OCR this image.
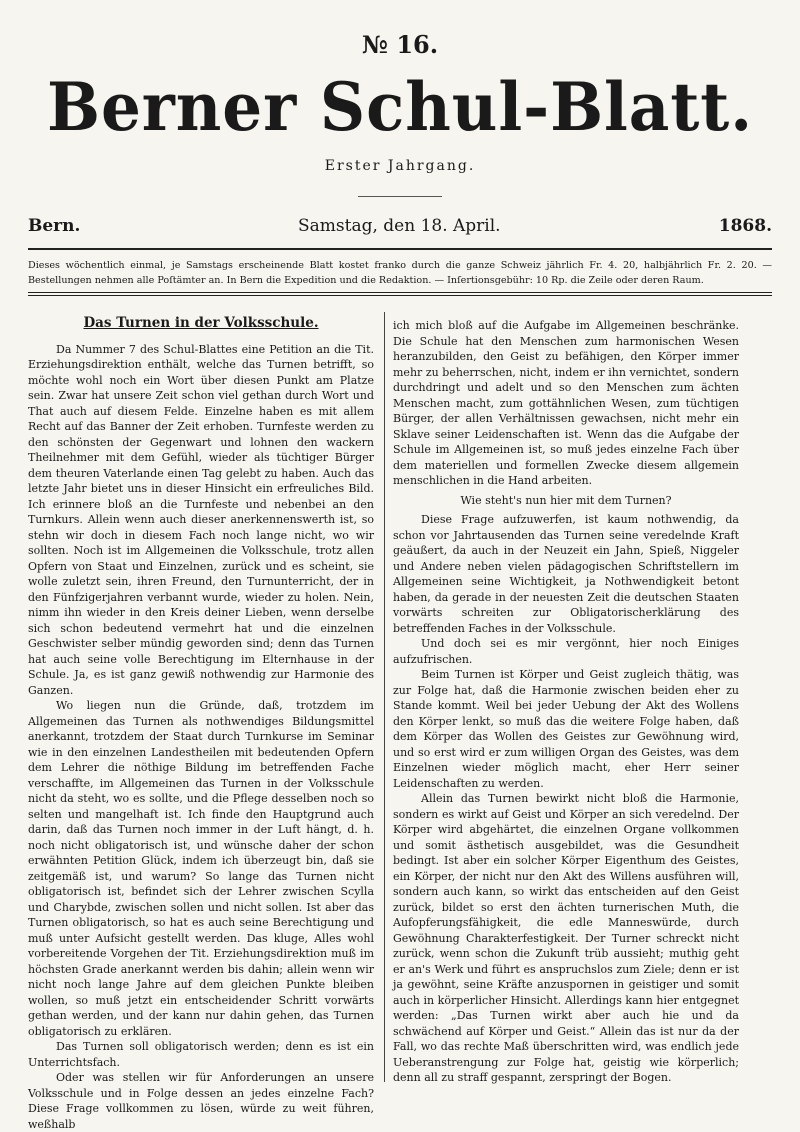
№ 16.
Berner Schul-Blatt.
Erster Jahrgang.
Bern.	Samstag, den 18. April.	1868.
Dieses wöchentlich einmal, je Samstags erscheinende Blatt kostet franko durch die ganze Schweiz jährlich Fr. 4. 20, halbjährlich Fr. 2. 20. — Bestellungen nehmen alle Poſtämter an. In Bern die Expedition und die Redaktion. — Inſertionsgebühr: 10 Rp. die Zeile oder deren Raum.
Das Turnen in der Volksschule.

Da Nummer 7 des Schul-Blattes eine Petition an die Tit. Erziehungsdirektion enthält, welche das Turnen betrifft, so möchte wohl noch ein Wort über diesen Punkt am Platze sein. Zwar hat unsere Zeit schon viel gethan durch Wort und That auch auf diesem Felde. Einzelne haben es mit allem Recht auf das Banner der Zeit erhoben. Turnfeste werden zu den schönsten der Gegenwart und lohnen den wackern Theilnehmer mit dem Gefühl, wieder als tüchtiger Bürger dem theuren Vaterlande einen Tag gelebt zu haben. Auch das letzte Jahr bietet uns in dieser Hinsicht ein erfreuliches Bild. Ich erinnere bloß an die Turnfeste und nebenbei an den Turnkurs. Allein wenn auch dieser anerkennenswerth ist, so stehn wir doch in diesem Fach noch lange nicht, wo wir sollten. Noch ist im Allgemeinen die Volksschule, trotz allen Opfern von Staat und Einzelnen, zurück und es scheint, sie wolle zuletzt sein, ihren Freund, den Turnunterricht, der in den Fünfzigerjahren verbannt wurde, wieder zu holen. Nein, nimm ihn wieder in den Kreis deiner Lieben, wenn derselbe sich schon bedeutend vermehrt hat und die einzelnen Geschwister selber mündig geworden sind; denn das Turnen hat auch seine volle Berechtigung im Elternhause in der Schule. Ja, es ist ganz gewiß nothwendig zur Harmonie des Ganzen.

Wo liegen nun die Gründe, daß, trotzdem im Allgemeinen das Turnen als nothwendiges Bildungsmittel anerkannt, trotzdem der Staat durch Turnkurse im Seminar wie in den einzelnen Landestheilen mit bedeutenden Opfern dem Lehrer die nöthige Bildung im betreffenden Fache verschaffte, im Allgemeinen das Turnen in der Volksschule nicht da steht, wo es sollte, und die Pflege desselben noch so selten und mangelhaft ist. Ich finde den Hauptgrund auch darin, daß das Turnen noch immer in der Luft hängt, d. h. noch nicht obligatorisch ist, und wünsche daher der schon erwähnten Petition Glück, indem ich überzeugt bin, daß sie zeitgemäß ist, und warum? So lange das Turnen nicht obligatorisch ist, befindet sich der Lehrer zwischen Scylla und Charybde, zwischen sollen und nicht sollen. Ist aber das Turnen obligatorisch, so hat es auch seine Berechtigung und muß unter Aufsicht gestellt werden. Das kluge, Alles wohl vorbereitende Vorgehen der Tit. Erziehungsdirektion muß im höchsten Grade anerkannt werden bis dahin; allein wenn wir nicht noch lange Jahre auf dem gleichen Punkte bleiben wollen, so muß jetzt ein entscheidender Schritt vorwärts gethan werden, und der kann nur dahin gehen, das Turnen obligatorisch zu erklären.

Das Turnen soll obligatorisch werden; denn es ist ein Unterrichtsfach.

Oder was stellen wir für Anforderungen an unsere Volksschule und in Folge dessen an jedes einzelne Fach? Diese Frage vollkommen zu lösen, würde zu weit führen, weßhalb

ich mich bloß auf die Aufgabe im Allgemeinen beschränke. Die Schule hat den Menschen zum harmonischen Wesen heranzubilden, den Geist zu befähigen, den Körper immer mehr zu beherrschen, nicht, indem er ihn vernichtet, sondern durchdringt und adelt und so den Menschen zum ächten Menschen macht, zum gottähnlichen Wesen, zum tüchtigen Bürger, der allen Verhältnissen gewachsen, nicht mehr ein Sklave seiner Leidenschaften ist. Wenn das die Aufgabe der Schule im Allgemeinen ist, so muß jedes einzelne Fach über dem materiellen und formellen Zwecke diesem allgemein menschlichen in die Hand arbeiten.

Wie steht's nun hier mit dem Turnen?

Diese Frage aufzuwerfen, ist kaum nothwendig, da schon vor Jahrtausenden das Turnen seine veredelnde Kraft geäußert, da auch in der Neuzeit ein Jahn, Spieß, Niggeler und Andere neben vielen pädagogischen Schriftstellern im Allgemeinen seine Wichtigkeit, ja Nothwendigkeit betont haben, da gerade in der neuesten Zeit die deutschen Staaten vorwärts schreiten zur Obligatorischerklärung des betreffenden Faches in der Volksschule.

Und doch sei es mir vergönnt, hier noch Einiges aufzufrischen.

Beim Turnen ist Körper und Geist zugleich thätig, was zur Folge hat, daß die Harmonie zwischen beiden eher zu Stande kommt. Weil bei jeder Uebung der Akt des Wollens den Körper lenkt, so muß das die weitere Folge haben, daß dem Körper das Wollen des Geistes zur Gewöhnung wird, und so erst wird er zum willigen Organ des Geistes, was dem Einzelnen wieder möglich macht, eher Herr seiner Leidenschaften zu werden.

Allein das Turnen bewirkt nicht bloß die Harmonie, sondern es wirkt auf Geist und Körper an sich veredelnd. Der Körper wird abgehärtet, die einzelnen Organe vollkommen und somit ästhetisch ausgebildet, was die Gesundheit bedingt. Ist aber ein solcher Körper Eigenthum des Geistes, ein Körper, der nicht nur den Akt des Willens ausführen will, sondern auch kann, so wirkt das entscheiden auf den Geist zurück, bildet so erst den ächten turnerischen Muth, die Aufopferungsfähigkeit, die edle Manneswürde, durch Gewöhnung Charakterfestigkeit. Der Turner schreckt nicht zurück, wenn schon die Zukunft trüb aussieht; muthig geht er an's Werk und führt es anspruchslos zum Ziele; denn er ist ja gewöhnt, seine Kräfte anzuspornen in geistiger und somit auch in körperlicher Hinsicht. Allerdings kann hier entgegnet werden: „Das Turnen wirkt aber auch hie und da schwächend auf Körper und Geist.“ Allein das ist nur da der Fall, wo das rechte Maß überschritten wird, was endlich jede Ueberanstrengung zur Folge hat, geistig wie körperlich; denn all zu straff gespannt, zerspringt der Bogen.
